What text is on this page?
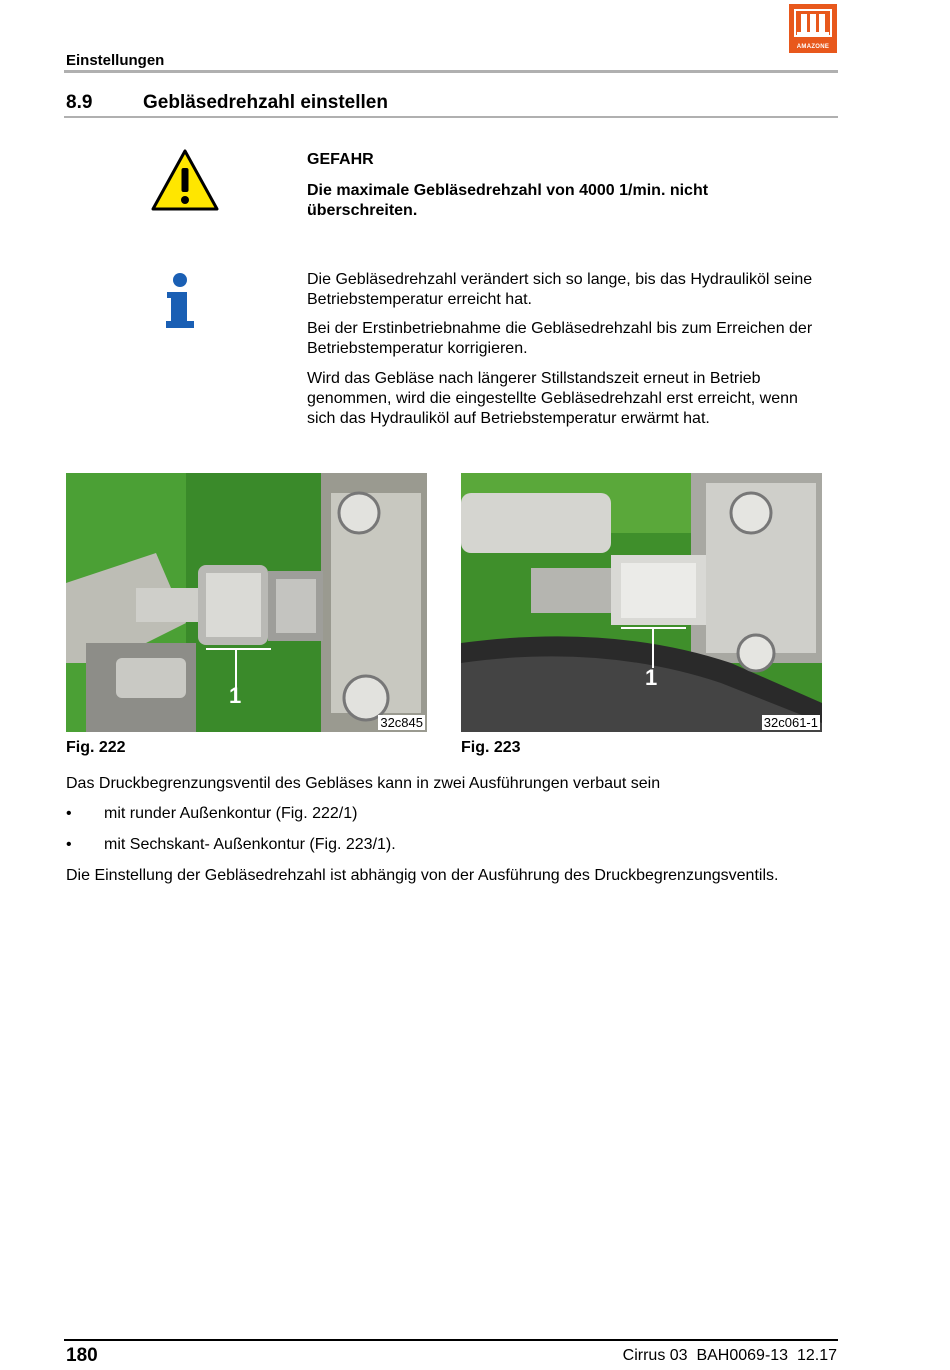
Einstellungen
AMAZONE
8.9	Gebläsedrehzahl einstellen
GEFAHR
Die maximale Gebläsedrehzahl von 4000 1/min. nicht überschreiten.
Die Gebläsedrehzahl verändert sich so lange, bis das Hydrauliköl seine Betriebstemperatur erreicht hat.
Bei der Erstinbetriebnahme die Gebläsedrehzahl bis zum Erreichen der Betriebstemperatur korrigieren.
Wird das Gebläse nach längerer Stillstandszeit erneut in Betrieb genommen, wird die eingestellte Gebläsedrehzahl erst erreicht, wenn sich das Hydrauliköl auf Betriebstemperatur erwärmt hat.
1
32c845
Fig. 222
1
32c061-1
Fig. 223
Das Druckbegrenzungsventil des Gebläses kann in zwei Ausführungen verbaut sein
• mit runder Außenkontur (Fig. 222/1)
• mit Sechskant- Außenkontur (Fig. 223/1).
Die Einstellung der Gebläsedrehzahl ist abhängig von der Ausführung des Druckbegrenzungsventils.
180	Cirrus 03  BAH0069-13  12.17
